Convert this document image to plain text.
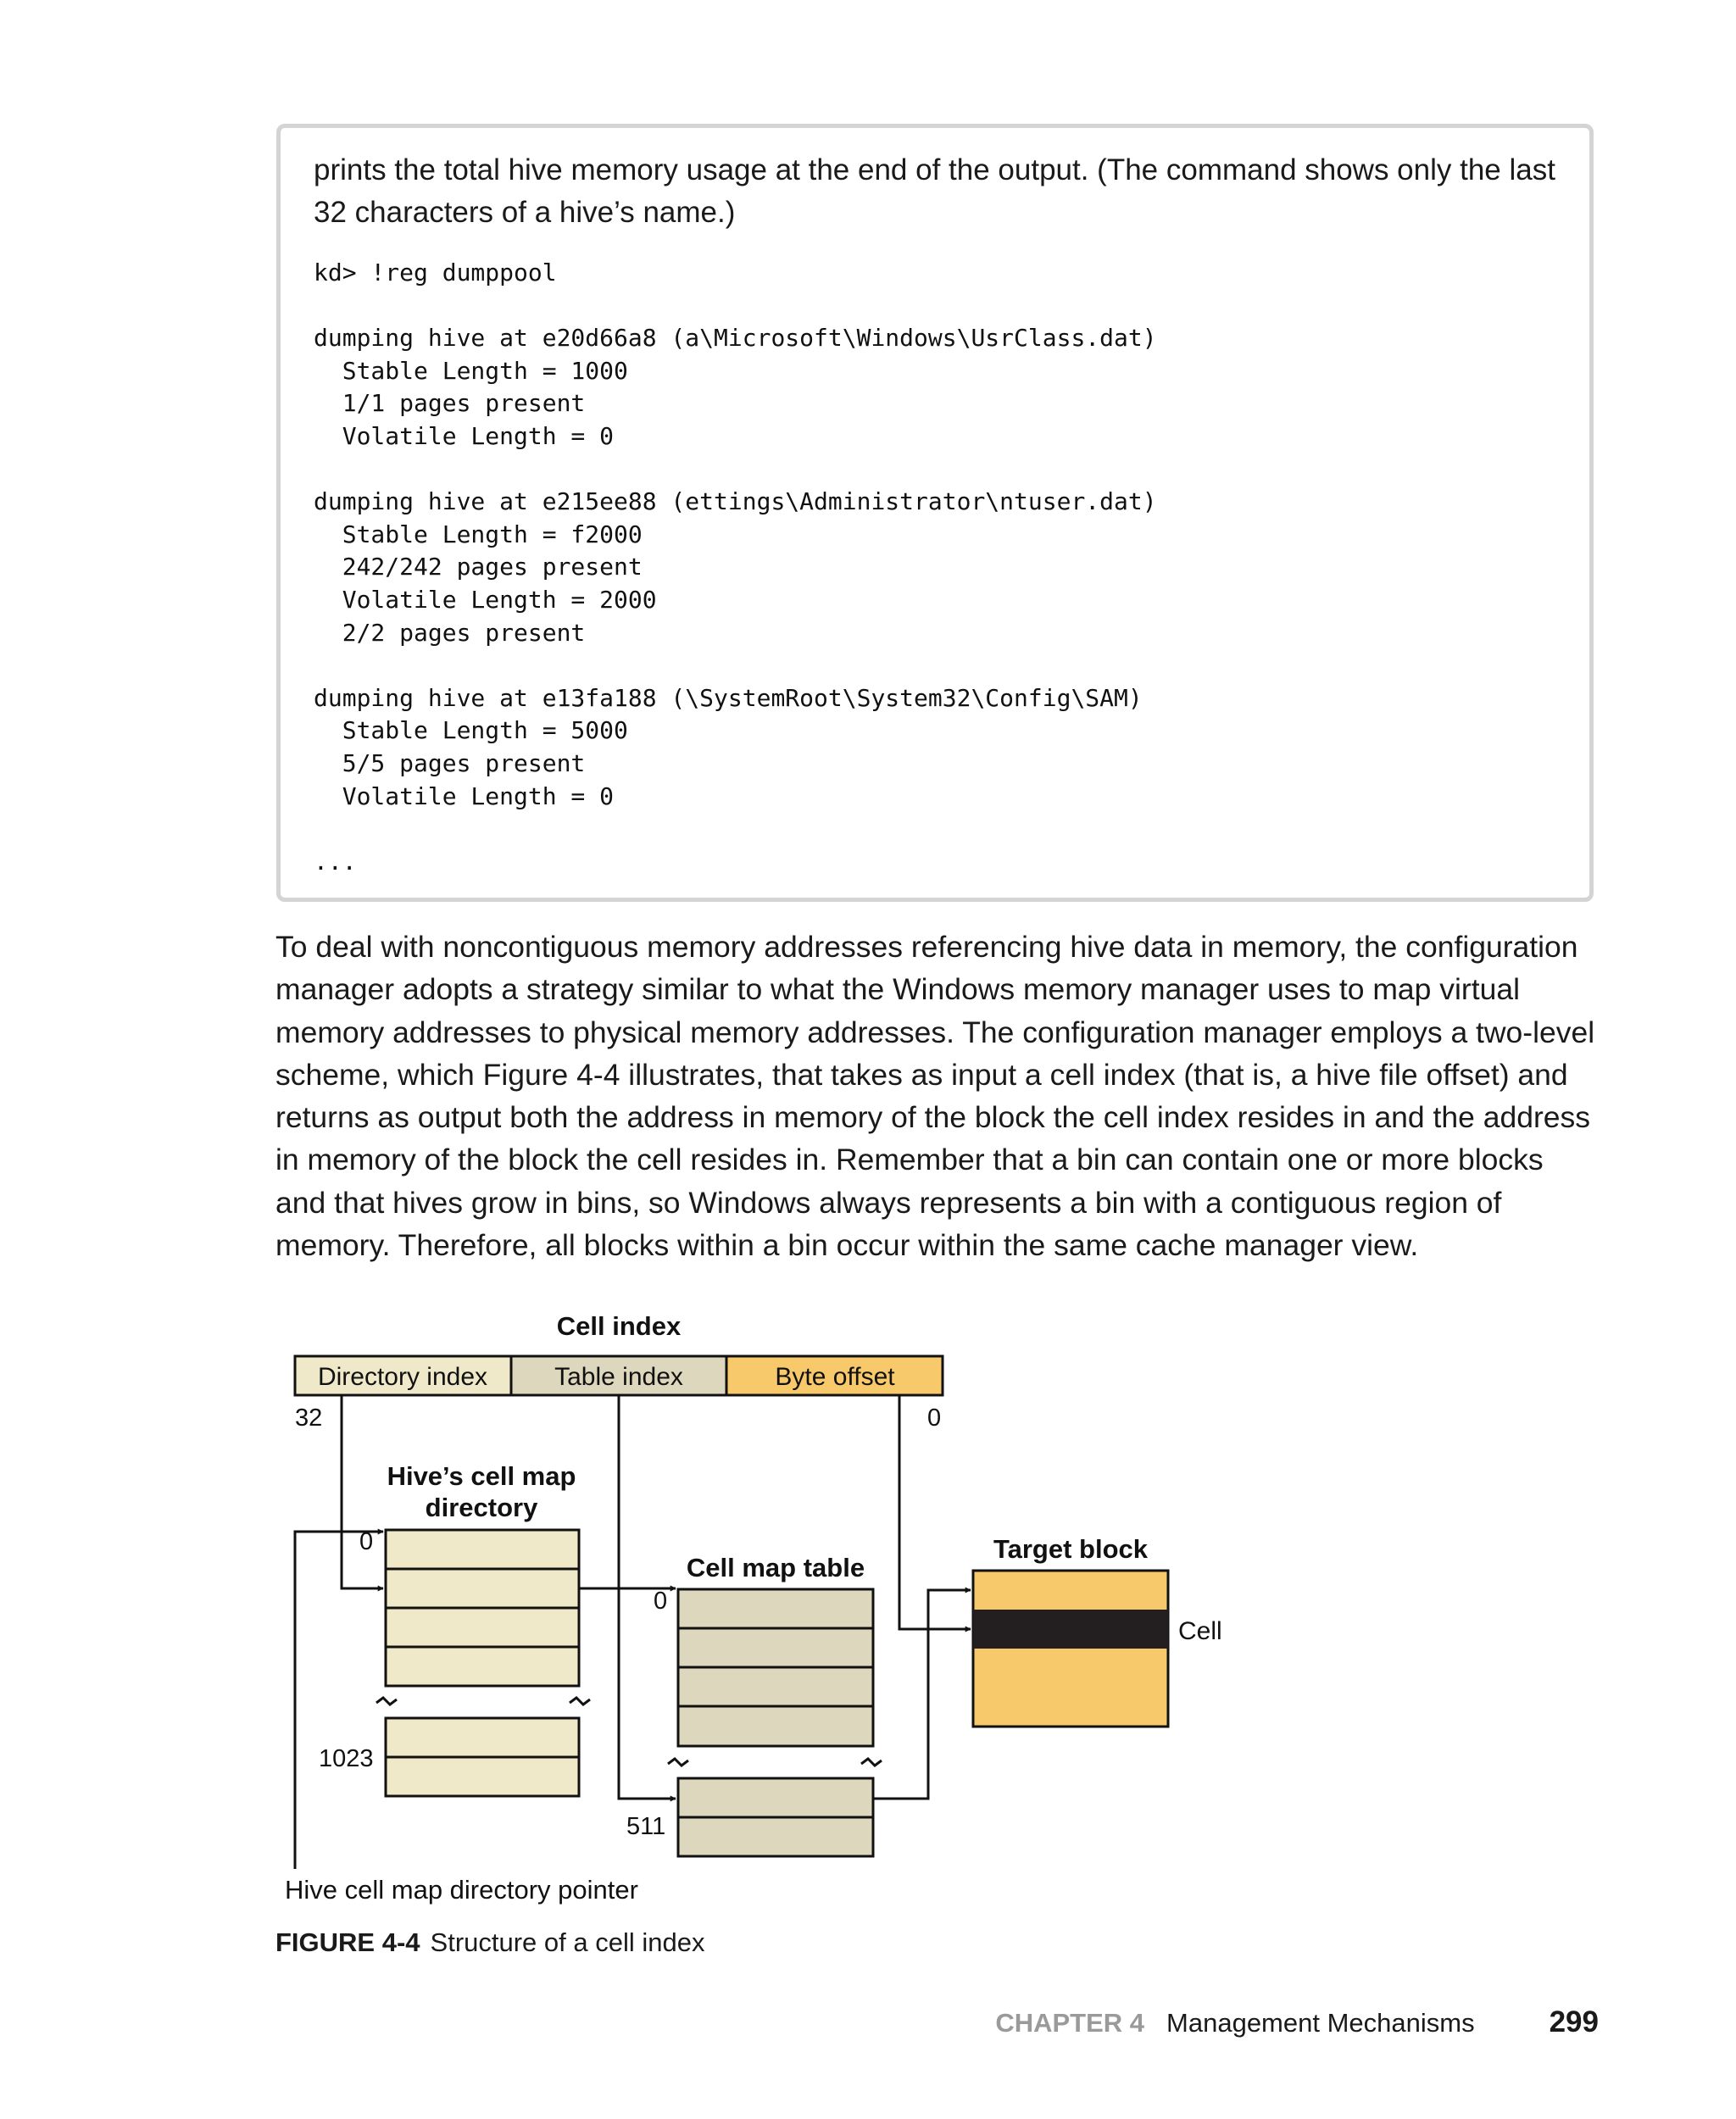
prints the total hive memory usage at the end of the output. (The command shows only the last 32 characters of a hive’s name.)

kd> !reg dumppool

dumping hive at e20d66a8 (a\Microsoft\Windows\UsrClass.dat)
Stable Length = 1000
1/1 pages present
Volatile Length = 0

dumping hive at e215ee88 (ettings\Administrator\ntuser.dat)
Stable Length = f2000
242/242 pages present
Volatile Length = 2000
2/2 pages present

dumping hive at e13fa188 (\SystemRoot\System32\Config\SAM)
Stable Length = 5000
5/5 pages present
Volatile Length = 0

...

To deal with noncontiguous memory addresses referencing hive data in memory, the configuration manager adopts a strategy similar to what the Windows memory manager uses to map virtual memory addresses to physical memory addresses. The configuration manager employs a two-level scheme, which Figure 4-4 illustrates, that takes as input a cell index (that is, a hive file offset) and returns as output both the address in memory of the block the cell index resides in and the address in memory of the block the cell resides in. Remember that a bin can contain one or more blocks and that hives grow in bins, so Windows always represents a bin with a contiguous region of memory. Therefore, all blocks within a bin occur within the same cache manager view.

Cell index
Directory index	Table index	Byte offset
32	0
Hive’s cell map
directory
0
1023
Cell map table
0
511
Target block
Cell
Hive cell map directory pointer
FIGURE 4-4 Structure of a cell index
CHAPTER 4 Management Mechanisms	299
